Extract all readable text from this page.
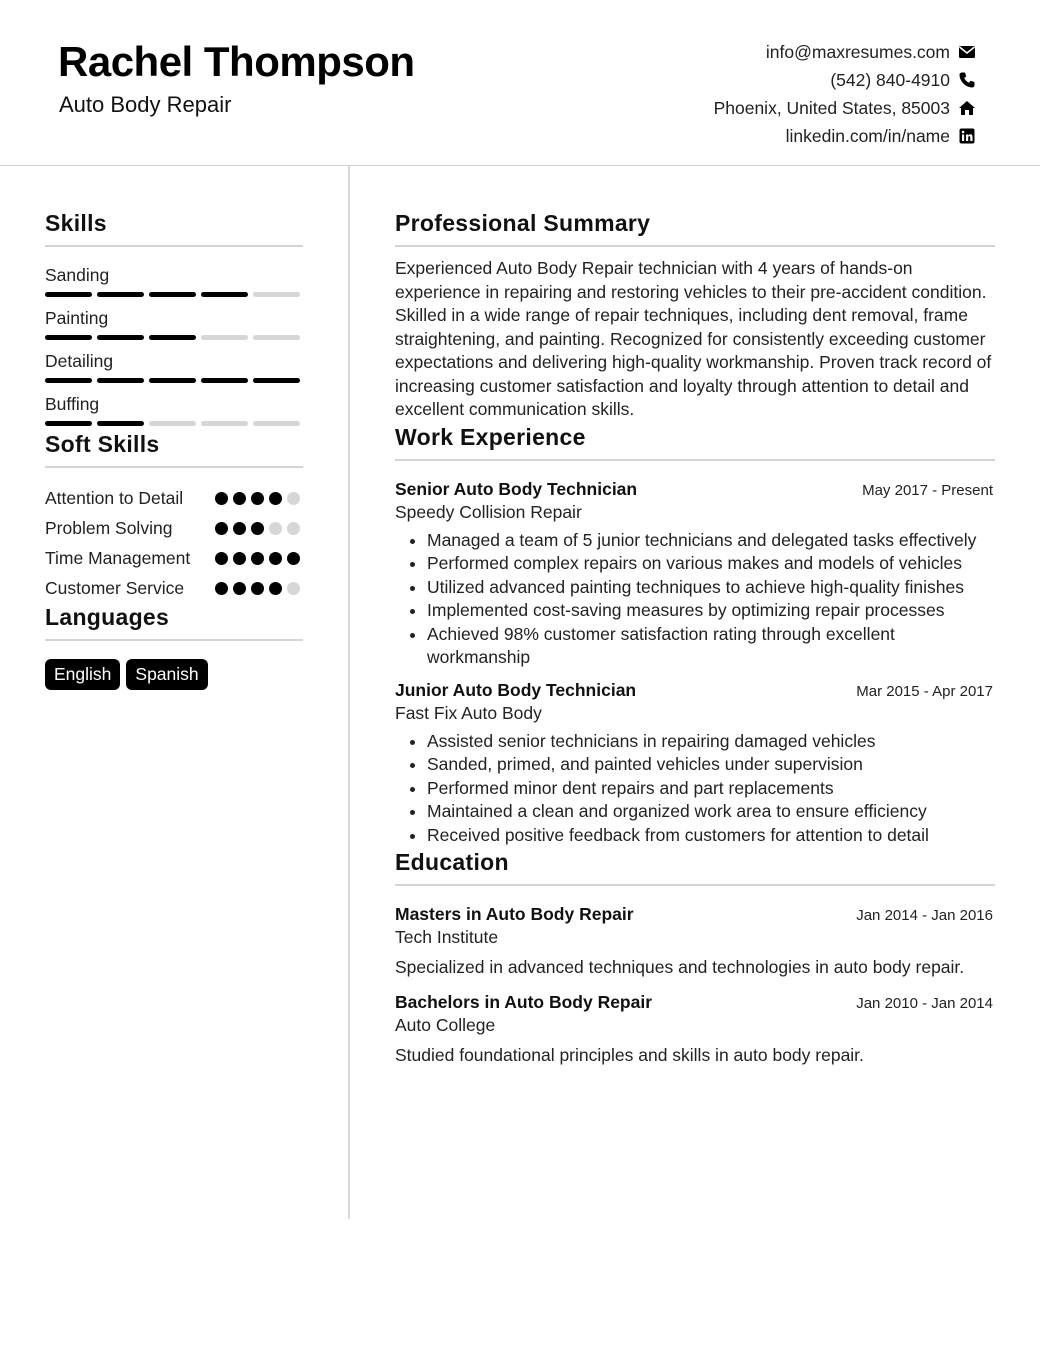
Rachel Thompson
Auto Body Repair
info@maxresumes.com
(542) 840-4910
Phoenix, United States, 85003
linkedin.com/in/name
Skills
Sanding
Painting
Detailing
Buffing
Soft Skills
Attention to Detail
Problem Solving
Time Management
Customer Service
Languages
English	Spanish
Professional Summary
Experienced Auto Body Repair technician with 4 years of hands-on experience in repairing and restoring vehicles to their pre-accident condition. Skilled in a wide range of repair techniques, including dent removal, frame straightening, and painting. Recognized for consistently exceeding customer expectations and delivering high-quality workmanship. Proven track record of increasing customer satisfaction and loyalty through attention to detail and excellent communication skills.
Work Experience
Senior Auto Body Technician	May 2017 - Present
Speedy Collision Repair
• Managed a team of 5 junior technicians and delegated tasks effectively
• Performed complex repairs on various makes and models of vehicles
• Utilized advanced painting techniques to achieve high-quality finishes
• Implemented cost-saving measures by optimizing repair processes
• Achieved 98% customer satisfaction rating through excellent workmanship
Junior Auto Body Technician	Mar 2015 - Apr 2017
Fast Fix Auto Body
• Assisted senior technicians in repairing damaged vehicles
• Sanded, primed, and painted vehicles under supervision
• Performed minor dent repairs and part replacements
• Maintained a clean and organized work area to ensure efficiency
• Received positive feedback from customers for attention to detail
Education
Masters in Auto Body Repair	Jan 2014 - Jan 2016
Tech Institute
Specialized in advanced techniques and technologies in auto body repair.
Bachelors in Auto Body Repair	Jan 2010 - Jan 2014
Auto College
Studied foundational principles and skills in auto body repair.
